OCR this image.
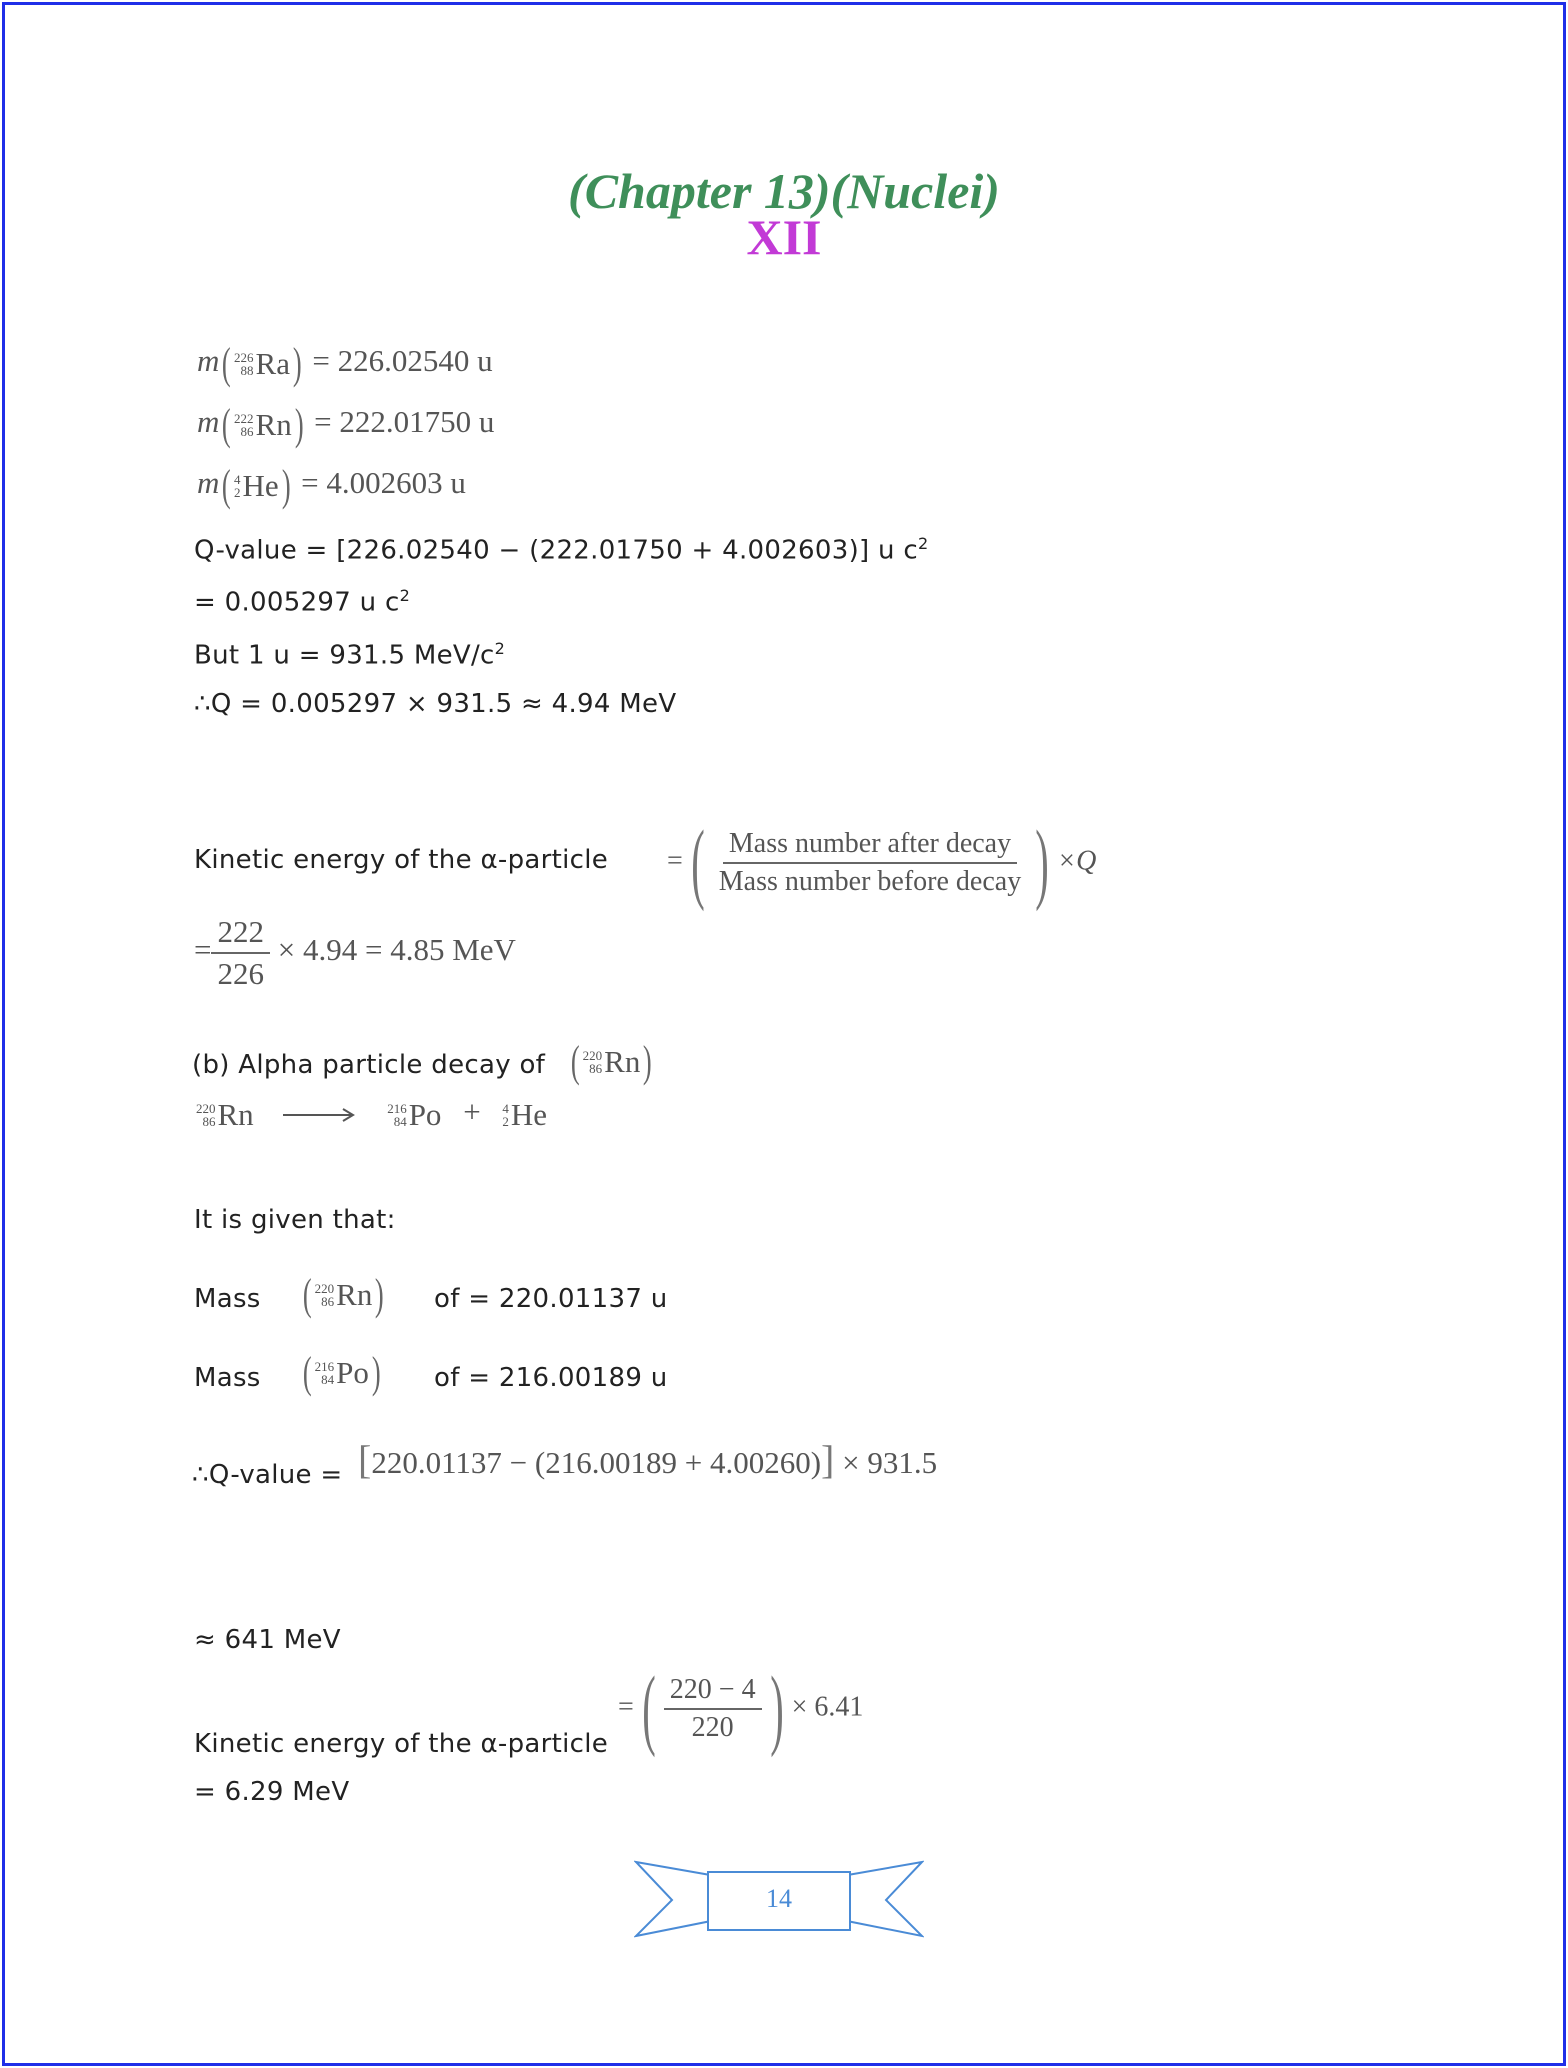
(Chapter 13)(Nuclei)
XII
m( 226
88 Ra ) = 226.02540 u
m( 222
86 Rn ) = 222.01750 u
m( 4
2 He ) = 4.002603 u
Q-value = [226.02540 − (222.01750 + 4.002603)] u $c^2$
= 0.005297 u $c^2$
But 1 u = 931.5 MeV/$c^2$
∴Q = 0.005297 × 931.5 ≈ 4.94 MeV
Kinetic energy of the α-particle =( $\frac{\text{Mass number after decay}}{\text{Mass number before decay}}$ ) ×Q
= $\frac{222}{226} \times 4.94 = 4.85$ MeV
(b) Alpha particle decay of ( 220
86 Rn )
220
86 Rn
	216
84 Po + 4
2 He
It is given that:
Mass ( 220
86 Rn ) of = 220.01137 u
Mass ( 216
84 Po ) of = 216.00189 u
∴Q-value = [220.01137 − (216.00189 + 4.00260)] × 931.5
≈ 641 MeV
=( $\frac{220 - 4}{220}$ ) × 6.41
Kinetic energy of the α-particle
= 6.29 MeV
14
